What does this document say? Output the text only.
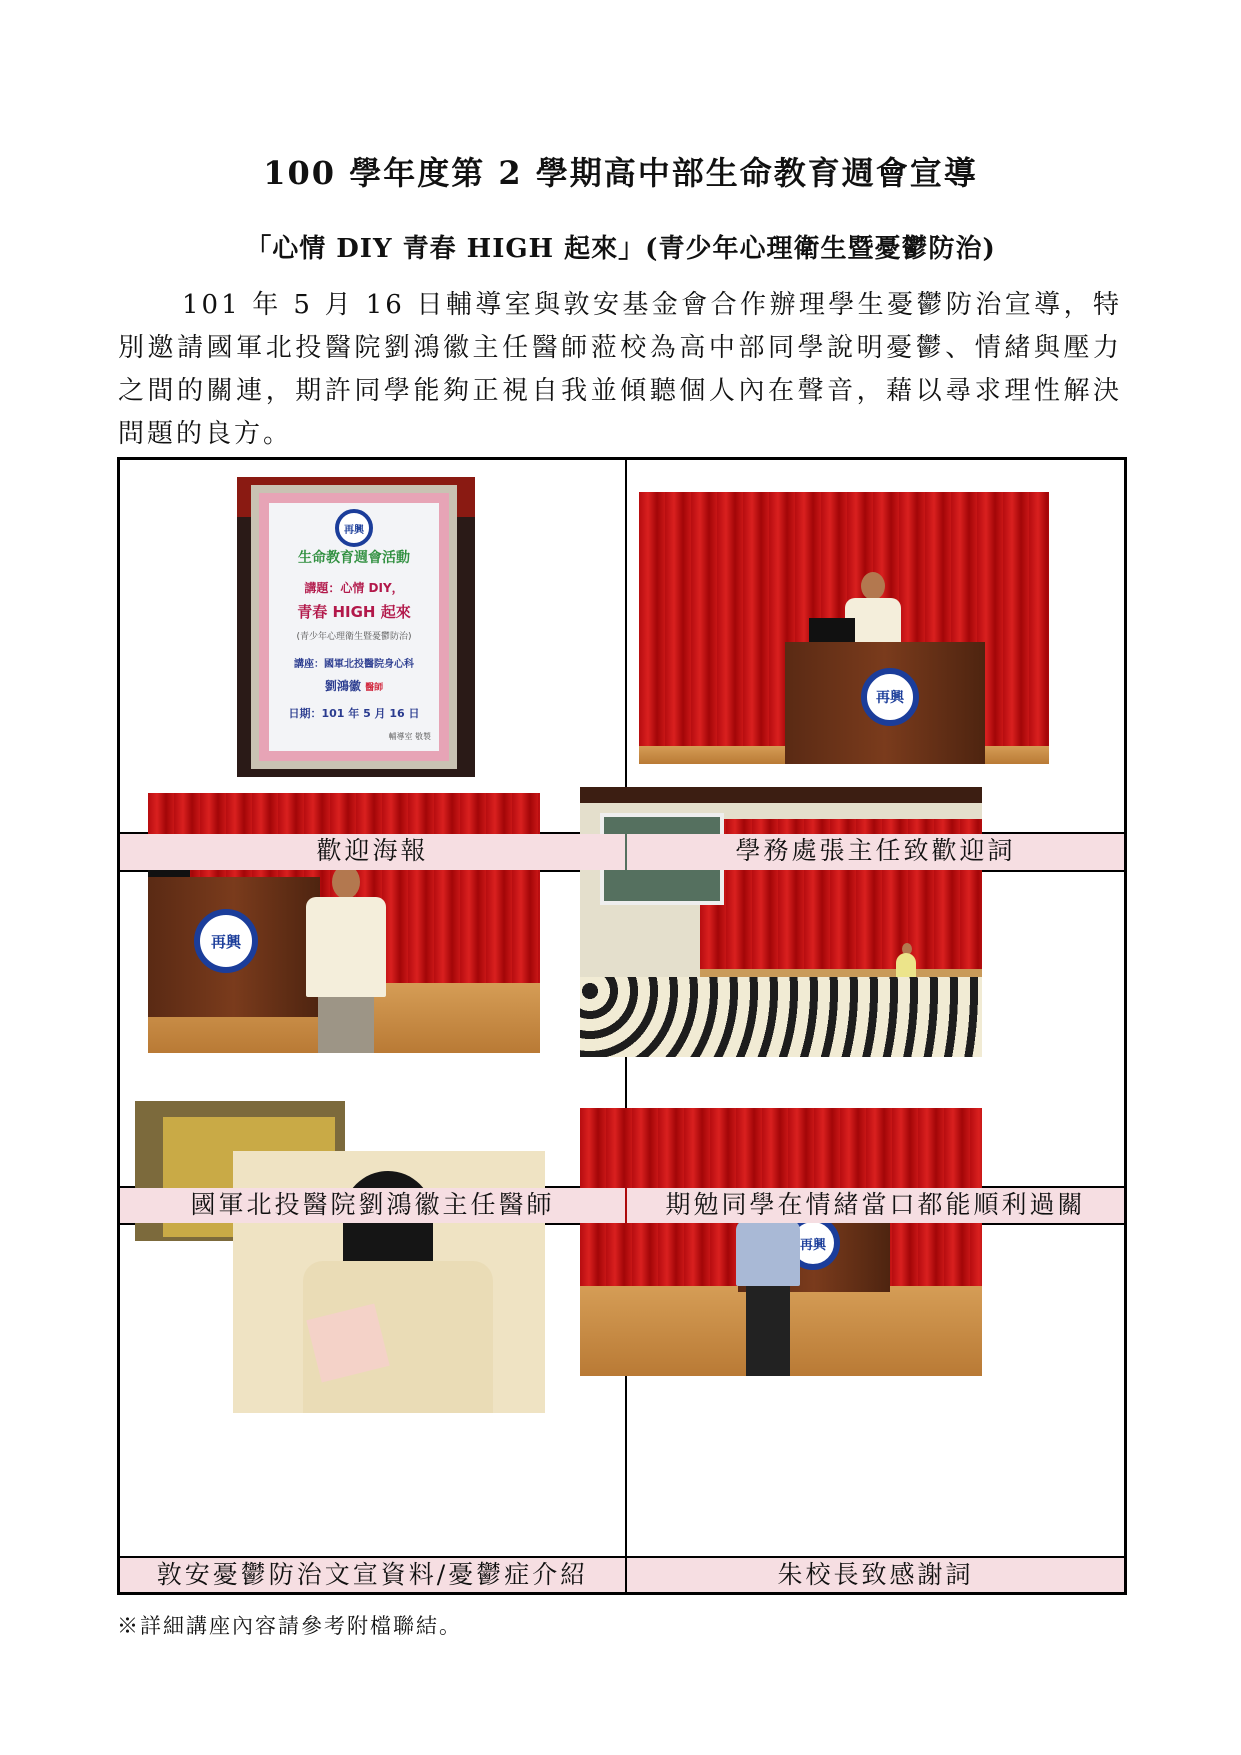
100 學年度第 2 學期高中部生命教育週會宣導
「心情 DIY 青春 HIGH 起來」(青少年心理衛生暨憂鬱防治)
101 年 5 月 16 日輔導室與敦安基金會合作辦理學生憂鬱防治宣導，特別邀請國軍北投醫院劉鴻徽主任醫師蒞校為高中部同學說明憂鬱、情緒與壓力之間的關連，期許同學能夠正視自我並傾聽個人內在聲音，藉以尋求理性解決問題的良方。
再興
生命教育週會活動
講題：心情 DIY，
青春 HIGH 起來
(青少年心理衛生暨憂鬱防治)
講座：國軍北投醫院身心科
劉鴻徽 醫師
日期：101 年 5 月 16 日
輔導室 敬製
再興
再興
再興
歡迎海報	學務處張主任致歡迎詞
國軍北投醫院劉鴻徽主任醫師	期勉同學在情緒當口都能順利過關
敦安憂鬱防治文宣資料/憂鬱症介紹	朱校長致感謝詞
※詳細講座內容請參考附檔聯結。
